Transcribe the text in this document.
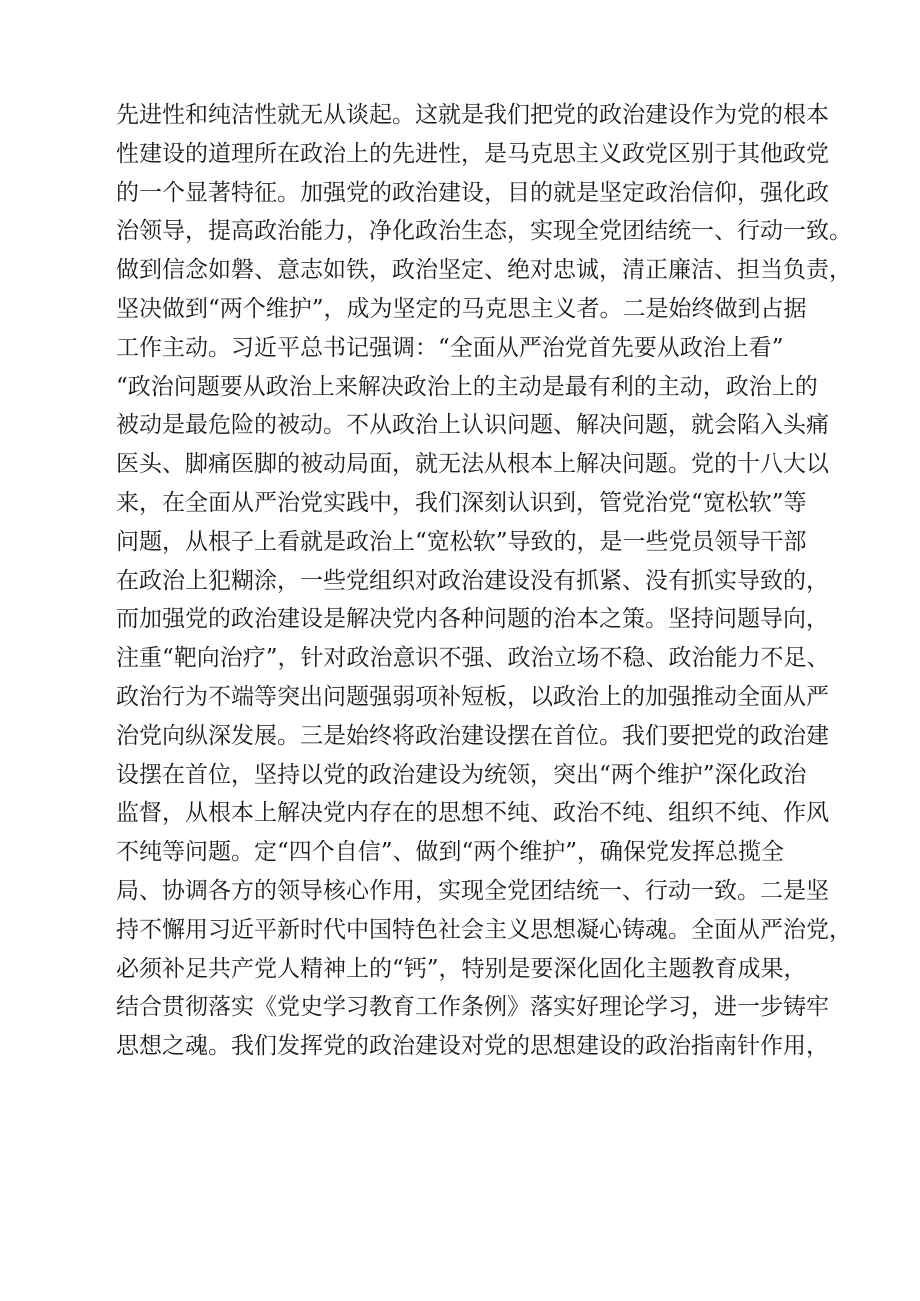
先进性和纯洁性就无从谈起。这就是我们把党的政治建设作为党的根本
性建设的道理所在政治上的先进性，是马克思主义政党区别于其他政党
的一个显著特征。加强党的政治建设，目的就是坚定政治信仰，强化政
治领导，提高政治能力，净化政治生态，实现全党团结统一、行动一致。
做到信念如磐、意志如铁，政治坚定、绝对忠诚，清正廉洁、担当负责，
坚决做到“两个维护”，成为坚定的马克思主义者。二是始终做到占据
工作主动。习近平总书记强调：“全面从严治党首先要从政治上看”
“政治问题要从政治上来解决政治上的主动是最有利的主动，政治上的
被动是最危险的被动。不从政治上认识问题、解决问题，就会陷入头痛
医头、脚痛医脚的被动局面，就无法从根本上解决问题。党的十八大以
来，在全面从严治党实践中，我们深刻认识到，管党治党“宽松软”等
问题，从根子上看就是政治上“宽松软”导致的，是一些党员领导干部
在政治上犯糊涂，一些党组织对政治建设没有抓紧、没有抓实导致的，
而加强党的政治建设是解决党内各种问题的治本之策。坚持问题导向，
注重“靶向治疗”，针对政治意识不强、政治立场不稳、政治能力不足、
政治行为不端等突出问题强弱项补短板，以政治上的加强推动全面从严
治党向纵深发展。三是始终将政治建设摆在首位。我们要把党的政治建
设摆在首位，坚持以党的政治建设为统领，突出“两个维护”深化政治
监督，从根本上解决党内存在的思想不纯、政治不纯、组织不纯、作风
不纯等问题。定“四个自信”、做到“两个维护”，确保党发挥总揽全
局、协调各方的领导核心作用，实现全党团结统一、行动一致。二是坚
持不懈用习近平新时代中国特色社会主义思想凝心铸魂。全面从严治党，
必须补足共产党人精神上的“钙”，特别是要深化固化主题教育成果，
结合贯彻落实《党史学习教育工作条例》落实好理论学习，进一步铸牢
思想之魂。我们发挥党的政治建设对党的思想建设的政治指南针作用，
